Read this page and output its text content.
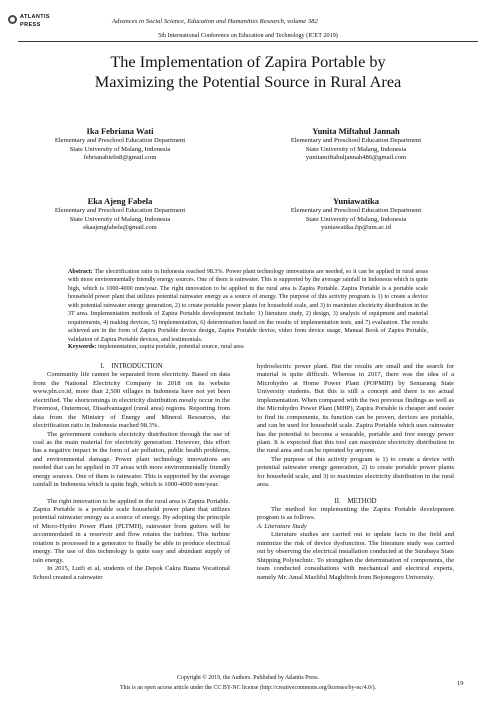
ATLANTIS
PRESS	Advances in Social Science, Education and Humanities Research, volume 382
5th International Conference on Education and Technology (ICET 2019)
The Implementation of Zapira Portable by
Maximizing the Potential Source in Rural Area
Ika Febriana Wati
Elementary and Preschool Education Department
State University of Malang, Indonesia
febrianabiebs8@gmail.com
Yunita Miftahul Jannah
Elementary and Preschool Education Department
State University of Malang, Indonesia
yunitamiftahuljannah486@gmail.com
Eka Ajeng Fabela
Elementary and Preschool Education Department
State University of Malang, Indonesia
ekaajengfabela@gmail.com
Yuniawatika
Elementary and Preschool Education Department
State University of Malang, Indonesia
yuniawatika.fip@um.ac.id
Abstract: The electrification ratio in Indonesia reached 98.3%. Power plant technology innovations are needed, so it can be applied in rural areas with more environmentally friendly energy sources. One of them is rainwater. This is supported by the average rainfall in Indonesia which is quite high, which is 1000-4000 mm/year. The right innovation to be applied in the rural area is Zapira Portable. Zapira Portable is a portable scale household power plant that utilizes potential rainwater energy as a source of energy. The purpose of this activity program is 1) to create a device with potential rainwater energy generation, 2) to create portable power plants for household scale, and 3) to maximize electricity distribution in the 3T area. Implementation methods of Zapira Portable development include: 1) literature study, 2) design, 3) analysis of equipment and material requirements, 4) making devices, 5) implementation, 6) determination based on the results of implementation tests, and 7) evaluation. The results achieved are in the form of Zapira Portable device design, Zapira Portable device, video from device usage, Manual Book of Zapira Portable, validation of Zapira Portable devices, and testimonials.
Keywords: implementation, zapira portable, potential source, rural area

I. INTRODUCTION

Community life cannot be separated from electricity. Based on data from the National Electricity Company in 2018 on its website www.pln.co.id, more than 2,500 villages in Indonesia have not yet been electrified. The shortcomings in electricity distribution mostly occur in the Foremost, Outermost, Disadvantaged (rural area) regions. Reporting from data from the Ministry of Energy and Mineral Resources, the electrification ratio in Indonesia reached 98.3%.

The government conducts electricity distribution through the use of coal as the main material for electricity generation. However, this effort has a negative impact in the form of air pollution, public health problems, and environmental damage. Power plant technology innovations are needed that can be applied in 3T areas with more environmentally friendly energy sources. One of them is rainwater. This is supported by the average rainfall in Indonesia which is quite high, which is 1000-4000 mm/year.

The right innovation to be applied in the rural area is Zapira Portable. Zapira Portable is a portable scale household power plant that utilizes potential rainwater energy as a source of energy. By adopting the principle of Micro-Hydro Power Plant (PLTMH), rainwater from gutters will be accommodated in a reservoir and flow rotates the turbine. This turbine rotation is processed in a generator to finally be able to produce electrical energy. The use of this technology is quite easy and abundant supply of rain energy.

In 2015, Lutfi et al, students of the Depok Cakra Buana Vocational School created a rainwater

hydroelectric power plant. But the results are small and the search for material is quite difficult. Whereas in 2017, there was the idea of a Microhydro at Home Power Plant (POPMIH) by Semarang State University students. But this is still a concept and there is no actual implementation. When compared with the two previous findings as well as the Microhydro Power Plant (MHP), Zapira Portable is cheaper and easier to find its components, its function can be proven, devices are portable, and can be used for household scale. Zapira Portable which uses rainwater has the potential to become a wearable, portable and free energy power plant. It is expected that this tool can maximize electricity distribution in the rural area and can be operated by anyone.

The purpose of this activity program is 1) to create a device with potential rainwater energy generation, 2) to create portable power plants for household scale, and 3) to maximize electricity distribution in the rural area.

II. METHOD

The method for implementing the Zapira Portable development program is as follows.

A. Literature Study

Literature studies are carried out to update facts in the field and minimize the risk of device dysfunction. The literature study was carried out by observing the electrical installation conducted at the Surabaya State Shipping Polytechnic. To strengthen the determination of components, the team conducted consultations with mechanical and electrical experts, namely Mr. Amal Mazliful Maghfiroh from Bojonegoro University.

Copyright © 2019, the Authors. Published by Atlantis Press.
This is an open access article under the CC BY-NC license (http://creativecommons.org/licenses/by-nc/4.0/).
19
